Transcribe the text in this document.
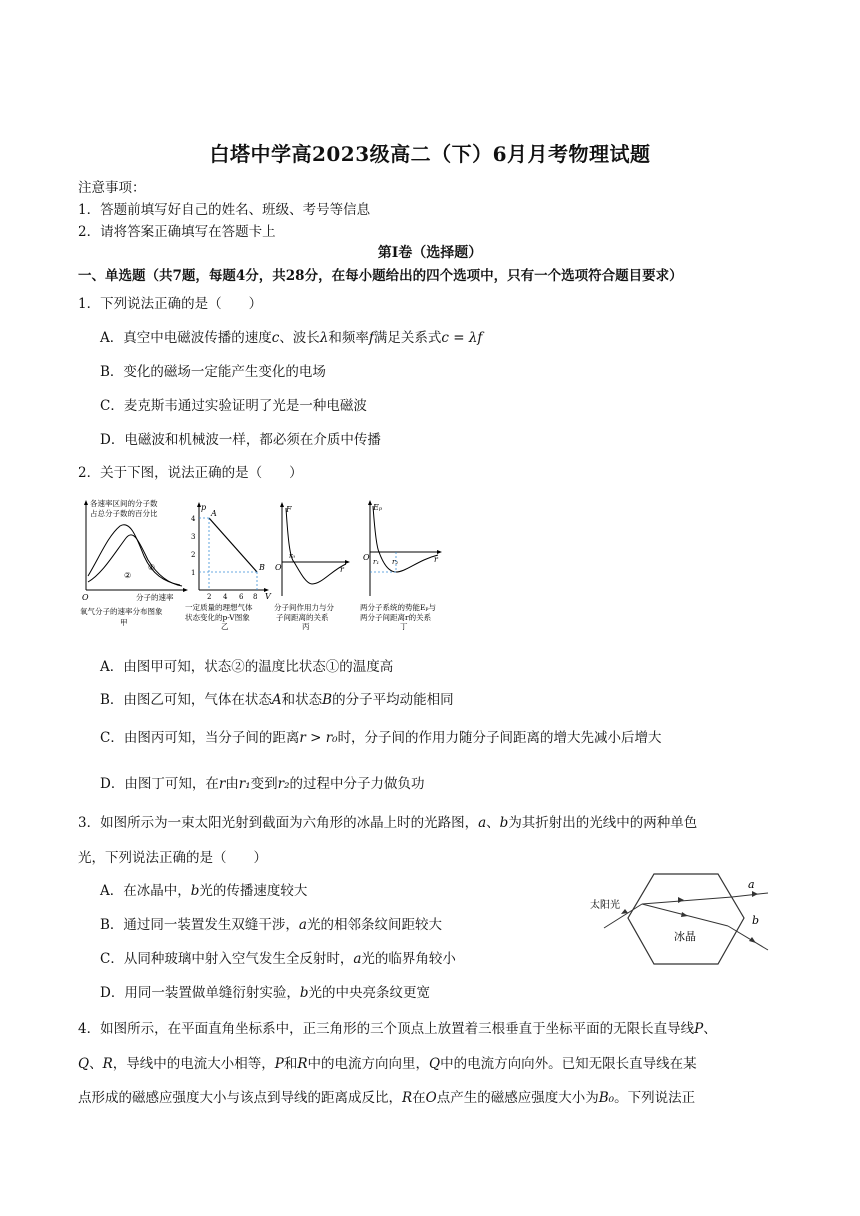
白塔中学高2023级高二（下）6月月考物理试题
注意事项：
1．答题前填写好自己的姓名、班级、考号等信息
2．请将答案正确填写在答题卡上
第Ⅰ卷（选择题）
一、单选题（共7题，每题4分，共28分，在每小题给出的四个选项中，只有一个选项符合题目要求）
1．下列说法正确的是（　　）
A．真空中电磁波传播的速度c、波长λ和频率f满足关系式c = λf
B．变化的磁场一定能产生变化的电场
C．麦克斯韦通过实验证明了光是一种电磁波
D．电磁波和机械波一样，都必须在介质中传播
2．关于下图，说法正确的是（　　）
各速率区间的分子数
占总分子数的百分比
①
②
O	分子的速率
氧气分子的速率分布图象
甲
p
V
A
B
4
3
2
1
2 4 6 8
一定质量的理想气体
状态变化的p-V图象
乙
F
O	r
r₀
分子间作用力与分
子间距离的关系
丙
Eₚ
O	r
r₁ r₂
两分子系统的势能Eₚ与
两分子间距离r的关系
丁
A．由图甲可知，状态②的温度比状态①的温度高
B．由图乙可知，气体在状态A和状态B的分子平均动能相同
C．由图丙可知，当分子间的距离r > r₀时，分子间的作用力随分子间距离的增大先减小后增大
D．由图丁可知，在r由r₁变到r₂的过程中分子力做负功
3．如图所示为一束太阳光射到截面为六角形的冰晶上时的光路图，a、b为其折射出的光线中的两种单色
光，下列说法正确的是（　　）
A．在冰晶中，b光的传播速度较大
B．通过同一装置发生双缝干涉，a光的相邻条纹间距较大
C．从同种玻璃中射入空气发生全反射时，a光的临界角较小
D．用同一装置做单缝衍射实验，b光的中央亮条纹更宽
太阳光
冰晶
a
b
4．如图所示，在平面直角坐标系中，正三角形的三个顶点上放置着三根垂直于坐标平面的无限长直导线P、
Q、R，导线中的电流大小相等，P和R中的电流方向向里，Q中的电流方向向外。已知无限长直导线在某
点形成的磁感应强度大小与该点到导线的距离成反比，R在O点产生的磁感应强度大小为B₀。下列说法正
